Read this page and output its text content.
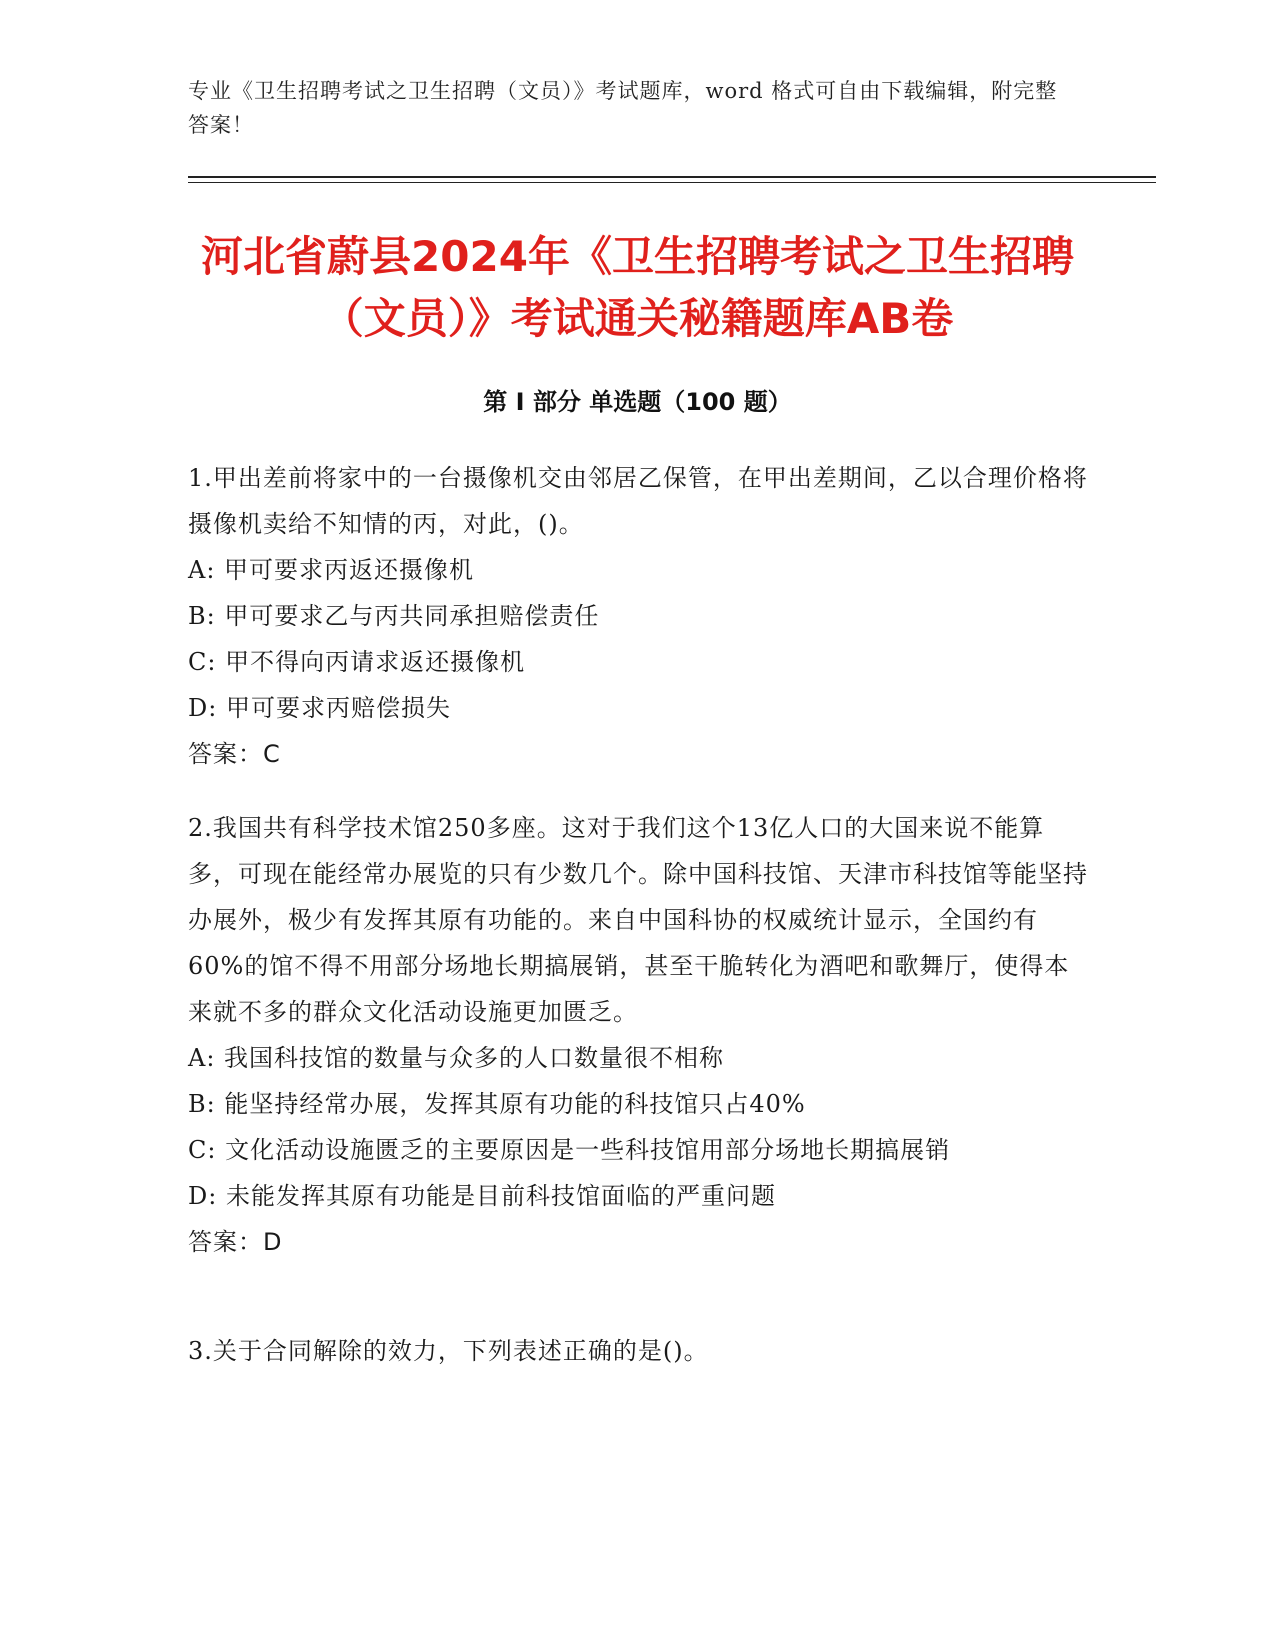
专业《卫生招聘考试之卫生招聘（文员）》考试题库，word 格式可自由下载编辑，附完整答案！
河北省蔚县2024年《卫生招聘考试之卫生招聘（文员）》考试通关秘籍题库AB卷
第 I 部分 单选题（100 题）
1.甲出差前将家中的一台摄像机交由邻居乙保管，在甲出差期间，乙以合理价格将摄像机卖给不知情的丙，对此，()。
A: 甲可要求丙返还摄像机
B: 甲可要求乙与丙共同承担赔偿责任
C: 甲不得向丙请求返还摄像机
D: 甲可要求丙赔偿损失
答案：C
2.我国共有科学技术馆250多座。这对于我们这个13亿人口的大国来说不能算多，可现在能经常办展览的只有少数几个。除中国科技馆、天津市科技馆等能坚持办展外，极少有发挥其原有功能的。来自中国科协的权威统计显示，全国约有60%的馆不得不用部分场地长期搞展销，甚至干脆转化为酒吧和歌舞厅，使得本来就不多的群众文化活动设施更加匮乏。
A: 我国科技馆的数量与众多的人口数量很不相称
B: 能坚持经常办展，发挥其原有功能的科技馆只占40%
C: 文化活动设施匮乏的主要原因是一些科技馆用部分场地长期搞展销
D: 未能发挥其原有功能是目前科技馆面临的严重问题
答案：D
3.关于合同解除的效力，下列表述正确的是()。
